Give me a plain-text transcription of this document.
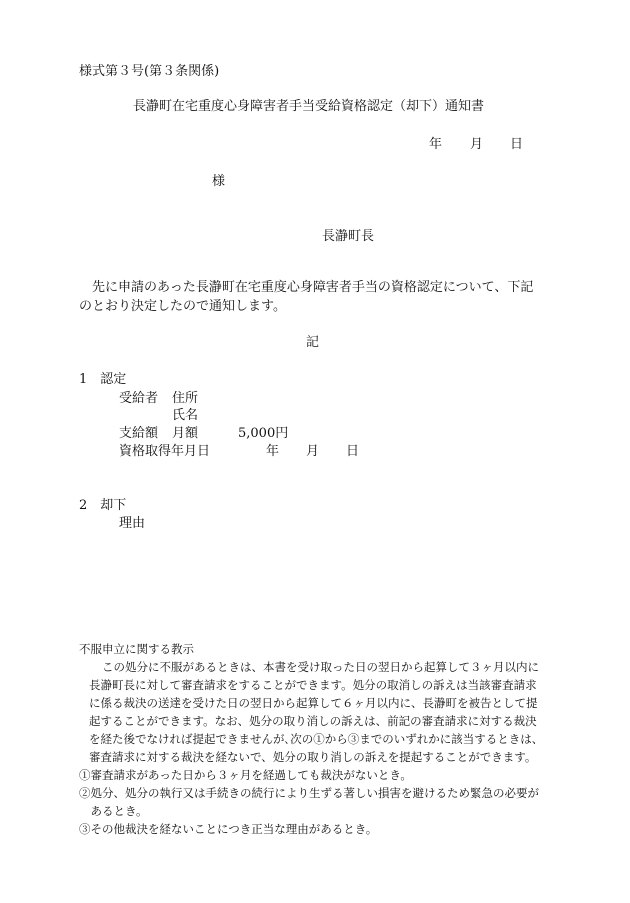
様式第３号(第３条関係)
長瀞町在宅重度心身障害者手当受給資格認定（却下）通知書
年 月 日
様
長瀞町長
　先に申請のあった長瀞町在宅重度心身障害者手当の資格認定について、下記
のとおり決定したので通知します。
記
1　認定
受給者 住所
氏名
支給額 月額	5,000円
資格取得年月日	年 月 日
2　却下
理由
不服申立に関する教示
この処分に不服があるときは、本書を受け取った日の翌日から起算して３ヶ月以内に
長瀞町長に対して審査請求をすることができます。処分の取消しの訴えは当該審査請求
に係る裁決の送達を受けた日の翌日から起算して６ヶ月以内に、長瀞町を被告として提
起することができます。なお、処分の取り消しの訴えは、前記の審査請求に対する裁決
を経た後でなければ提起できませんが､次の①から③までのいずれかに該当するときは、
審査請求に対する裁決を経ないで、処分の取り消しの訴えを提起することができます。
①審査請求があった日から３ヶ月を経過しても裁決がないとき。
②処分、処分の執行又は手続きの続行により生ずる著しい損害を避けるため緊急の必要が
　あるとき。
③その他裁決を経ないことにつき正当な理由があるとき。
